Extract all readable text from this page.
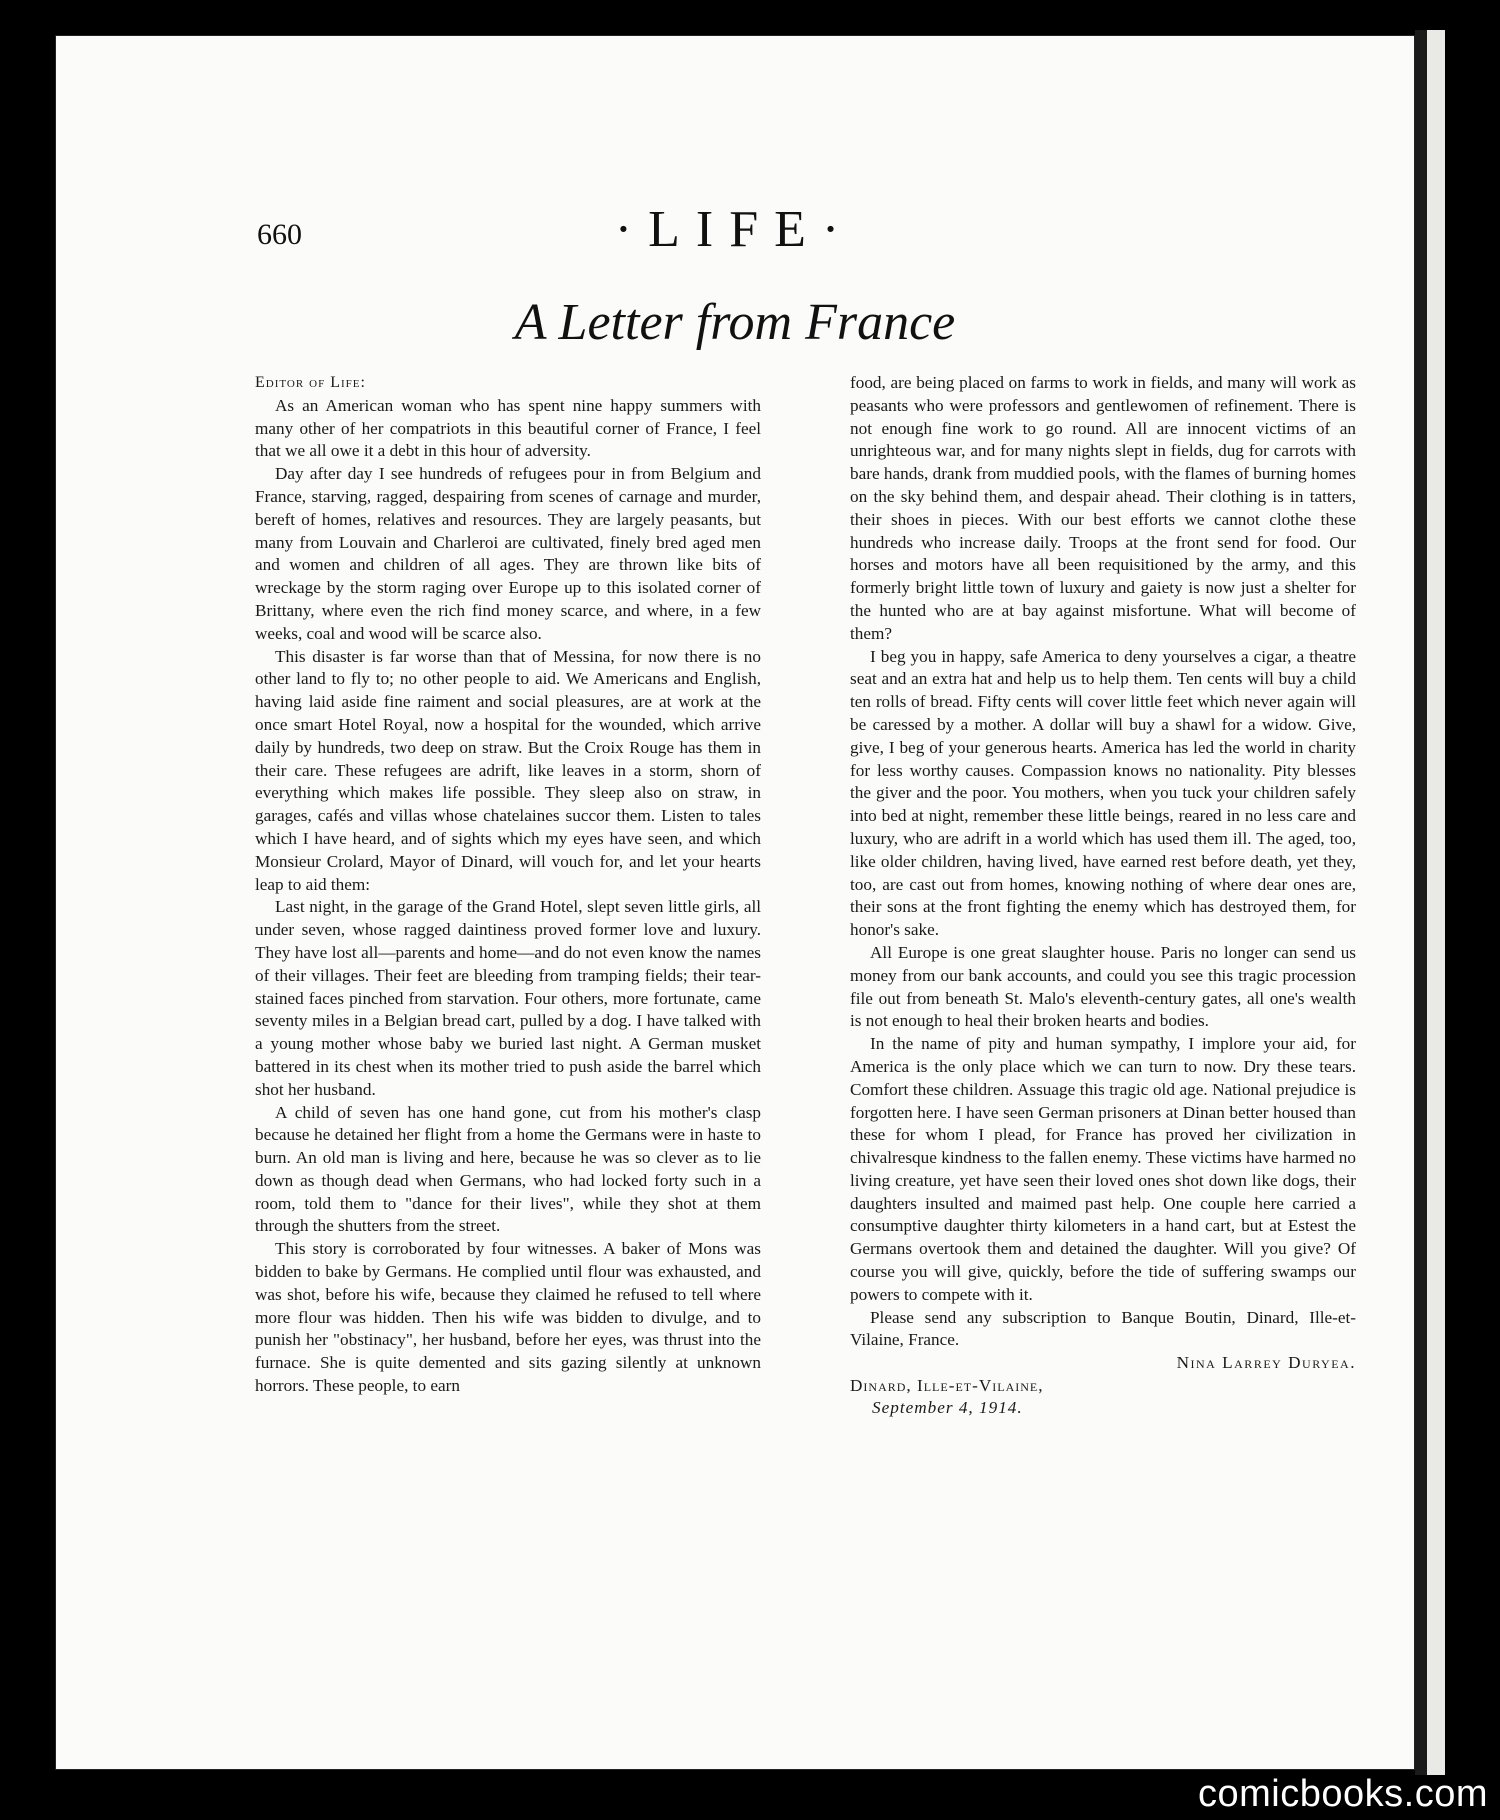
660	·LIFE·
A Letter from France

Editor of Life:

As an American woman who has spent nine happy summers with many other of her compatriots in this beautiful corner of France, I feel that we all owe it a debt in this hour of adversity.

Day after day I see hundreds of refugees pour in from Belgium and France, starving, ragged, despairing from scenes of carnage and murder, bereft of homes, relatives and resources. They are largely peasants, but many from Louvain and Charleroi are cultivated, finely bred aged men and women and children of all ages. They are thrown like bits of wreckage by the storm raging over Europe up to this isolated corner of Brittany, where even the rich find money scarce, and where, in a few weeks, coal and wood will be scarce also.

This disaster is far worse than that of Messina, for now there is no other land to fly to; no other people to aid. We Americans and English, having laid aside fine raiment and social pleasures, are at work at the once smart Hotel Royal, now a hospital for the wounded, which arrive daily by hundreds, two deep on straw. But the Croix Rouge has them in their care. These refugees are adrift, like leaves in a storm, shorn of everything which makes life possible. They sleep also on straw, in garages, cafés and villas whose chatelaines succor them. Listen to tales which I have heard, and of sights which my eyes have seen, and which Monsieur Crolard, Mayor of Dinard, will vouch for, and let your hearts leap to aid them:

Last night, in the garage of the Grand Hotel, slept seven little girls, all under seven, whose ragged daintiness proved former love and luxury. They have lost all—parents and home—and do not even know the names of their villages. Their feet are bleeding from tramping fields; their tear-stained faces pinched from starvation. Four others, more fortunate, came seventy miles in a Belgian bread cart, pulled by a dog. I have talked with a young mother whose baby we buried last night. A German musket battered in its chest when its mother tried to push aside the barrel which shot her husband.

A child of seven has one hand gone, cut from his mother's clasp because he detained her flight from a home the Germans were in haste to burn. An old man is living and here, because he was so clever as to lie down as though dead when Germans, who had locked forty such in a room, told them to "dance for their lives", while they shot at them through the shutters from the street.

This story is corroborated by four witnesses. A baker of Mons was bidden to bake by Germans. He complied until flour was exhausted, and was shot, before his wife, because they claimed he refused to tell where more flour was hidden. Then his wife was bidden to divulge, and to punish her "obstinacy", her husband, before her eyes, was thrust into the furnace. She is quite demented and sits gazing silently at unknown horrors. These people, to earn

food, are being placed on farms to work in fields, and many will work as peasants who were professors and gentlewomen of refinement. There is not enough fine work to go round. All are innocent victims of an unrighteous war, and for many nights slept in fields, dug for carrots with bare hands, drank from muddied pools, with the flames of burning homes on the sky behind them, and despair ahead. Their clothing is in tatters, their shoes in pieces. With our best efforts we cannot clothe these hundreds who increase daily. Troops at the front send for food. Our horses and motors have all been requisitioned by the army, and this formerly bright little town of luxury and gaiety is now just a shelter for the hunted who are at bay against misfortune. What will become of them?

I beg you in happy, safe America to deny yourselves a cigar, a theatre seat and an extra hat and help us to help them. Ten cents will buy a child ten rolls of bread. Fifty cents will cover little feet which never again will be caressed by a mother. A dollar will buy a shawl for a widow. Give, give, I beg of your generous hearts. America has led the world in charity for less worthy causes. Compassion knows no nationality. Pity blesses the giver and the poor. You mothers, when you tuck your children safely into bed at night, remember these little beings, reared in no less care and luxury, who are adrift in a world which has used them ill. The aged, too, like older children, having lived, have earned rest before death, yet they, too, are cast out from homes, knowing nothing of where dear ones are, their sons at the front fighting the enemy which has destroyed them, for honor's sake.

All Europe is one great slaughter house. Paris no longer can send us money from our bank accounts, and could you see this tragic procession file out from beneath St. Malo's eleventh-century gates, all one's wealth is not enough to heal their broken hearts and bodies.

In the name of pity and human sympathy, I implore your aid, for America is the only place which we can turn to now. Dry these tears. Comfort these children. Assuage this tragic old age. National prejudice is forgotten here. I have seen German prisoners at Dinan better housed than these for whom I plead, for France has proved her civilization in chivalresque kindness to the fallen enemy. These victims have harmed no living creature, yet have seen their loved ones shot down like dogs, their daughters insulted and maimed past help. One couple here carried a consumptive daughter thirty kilometers in a hand cart, but at Estest the Germans overtook them and detained the daughter. Will you give? Of course you will give, quickly, before the tide of suffering swamps our powers to compete with it.

Please send any subscription to Banque Boutin, Dinard, Ille-et-Vilaine, France.

Nina Larrey Duryea.

Dinard, Ille-et-Vilaine,
September 4, 1914.

comicbooks.com
